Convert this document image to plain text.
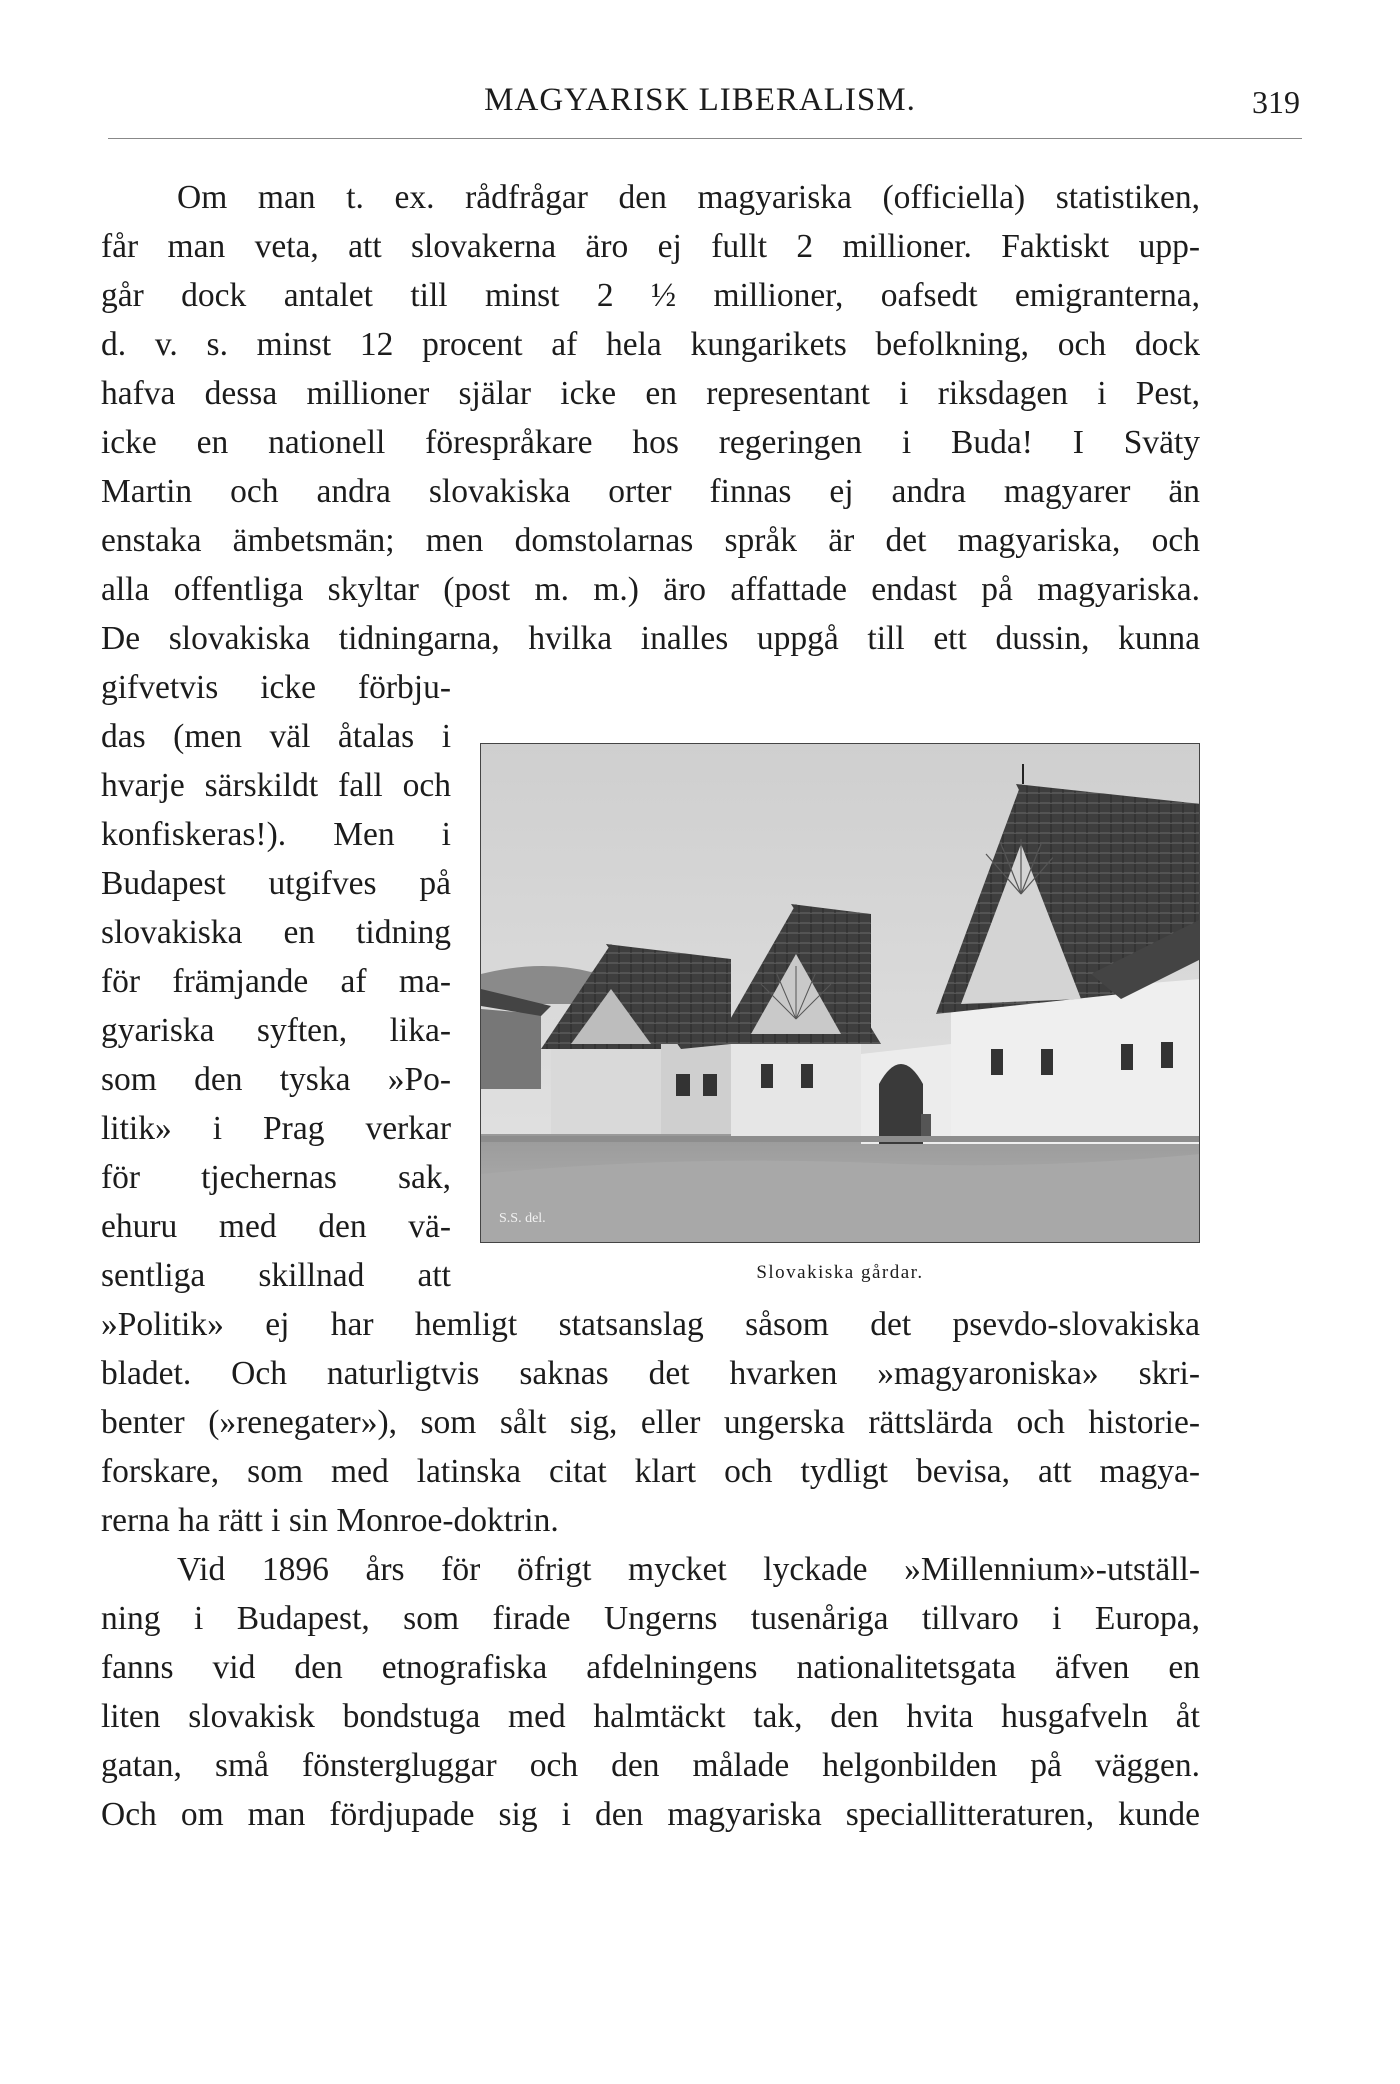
MAGYARISK LIBERALISM.	319
Om man t. ex. rådfrågar den magyariska (officiella) statistiken,
får man veta, att slovakerna äro ej fullt 2 millioner. Faktiskt upp-
går dock antalet till minst 2 ½ millioner, oafsedt emigranterna,
d. v. s. minst 12 procent af hela kungarikets befolkning, och dock
hafva dessa millioner själar icke en representant i riksdagen i Pest,
icke en nationell förespråkare hos regeringen i Buda! I Sväty
Martin och andra slovakiska orter finnas ej andra magyarer än
enstaka ämbetsmän; men domstolarnas språk är det magyariska, och
alla offentliga skyltar (post m. m.) äro affattade endast på magyariska.
De slovakiska tidningarna, hvilka inalles uppgå till ett dussin, kunna
gifvetvis icke förbju-
das (men väl åtalas i
hvarje särskildt fall och
konfiskeras!). Men i
Budapest utgifves på
slovakiska en tidning
för främjande af ma-
gyariska syften, lika-
som den tyska »Po-
litik» i Prag verkar
för tjechernas sak,
ehuru med den vä-
sentliga skillnad att
»Politik» ej har hemligt statsanslag såsom det psevdo-slovakiska
bladet. Och naturligtvis saknas det hvarken »magyaroniska» skri-
benter (»renegater»), som sålt sig, eller ungerska rättslärda och historie-
forskare, som med latinska citat klart och tydligt bevisa, att magya-
rerna ha rätt i sin Monroe-doktrin.
Vid 1896 års för öfrigt mycket lyckade »Millennium»-utställ-
ning i Budapest, som firade Ungerns tusenåriga tillvaro i Europa,
fanns vid den etnografiska afdelningens nationalitetsgata äfven en
liten slovakisk bondstuga med halmtäckt tak, den hvita husgafveln åt
gatan, små fönstergluggar och den målade helgonbilden på väggen.
Och om man fördjupade sig i den magyariska speciallitteraturen, kunde
S.S. del.
Slovakiska gårdar.
